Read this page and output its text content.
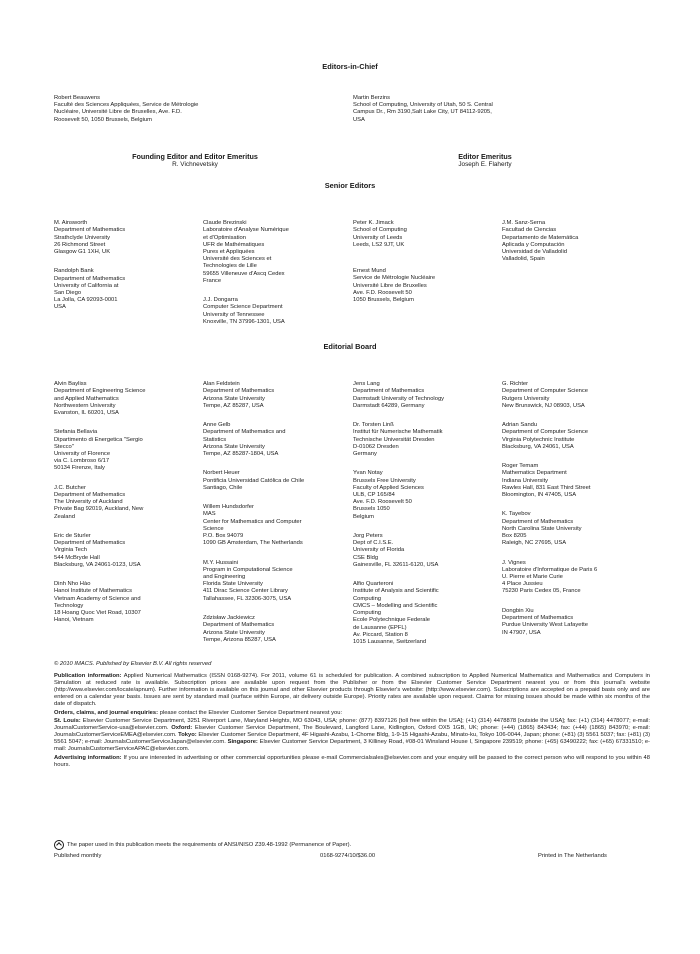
Editors-in-Chief
Robert Beauwens
Faculté des Sciences Appliquées, Service de Métrologie
Nucléaire, Université Libre de Bruxelles, Ave. F.D.
Roosevelt 50, 1050 Brussels, Belgium
Martin Berzins
School of Computing, University of Utah, 50 S. Central
Campus Dr., Rm 3190,Salt Lake City, UT 84112-9205,
USA
Founding Editor and Editor Emeritus
R. Vichnevetsky
Editor Emeritus
Joseph E. Flaherty
Senior Editors

M. Ainsworth
Department of Mathematics
Strathclyde University
26 Richmond Street
Glasgow G1 1XH, UK

Randolph Bank
Department of Mathematics
University of California at
San Diego
La Jolla, CA 92093-0001
USA

Claude Brezinski
Laboratoire d'Analyse Numérique
et d'Optimisation
UFR de Mathématiques
Pures et Appliquées
Université des Sciences et
Technologies de Lille
59655 Villeneuve d'Ascq Cedex
France

J.J. Dongarra
Computer Science Department
University of Tennessee
Knoxville, TN 37996-1301, USA

Peter K. Jimack
School of Computing
University of Leeds
Leeds, LS2 9JT, UK

Ernest Mund
Service de Métrologie Nucléaire
Université Libre de Bruxelles
Ave. F.D. Roosevelt 50
1050 Brussels, Belgium

J.M. Sanz-Serna
Facultad de Ciencias
Departamento de Matemática
Aplicada y Computación
Universidad de Valladolid
Valladolid, Spain

Editorial Board

Alvin Bayliss
Department of Engineering Science
and Applied Mathematics
Northwestern University
Evanston, IL 60201, USA

Stefania Bellavia
Dipartimento di Energetica "Sergio
Stecco"
University of Florence
via C. Lombroso 6/17
50134 Firenze, Italy

J.C. Butcher
Department of Mathematics
The University of Auckland
Private Bag 92019, Auckland, New
Zealand

Eric de Sturler
Department of Mathematics
Virginia Tech
544 McBryde Hall
Blacksburg, VA 24061-0123, USA

Dinh Nho Hào
Hanoi Institute of Mathematics
Vietnam Academy of Science and
Technology
18 Hoang Quoc Viet Road, 10307
Hanoi, Vietnam

Alan Feldstein
Department of Mathematics
Arizona State University
Tempe, AZ 85287, USA

Anne Gelb
Department of Mathematics and
Statistics
Arizona State University
Tempe, AZ 85287-1804, USA

Norbert Heuer
Pontificia Universidad Católica de Chile
Santiago, Chile

Willem Hundsdorfer
MAS
Center for Mathematics and Computer
Science
P.O. Box 94079
1090 GB Amsterdam, The Netherlands

M.Y. Hussaini
Program in Computational Science
and Engineering
Florida State University
411 Dirac Science Center Library
Tallahassee, FL 32306-3075, USA

Zdzisław Jackiewicz
Department of Mathematics
Arizona State University
Tempe, Arizona 85287, USA

Jens Lang
Department of Mathematics
Darmstadt University of Technology
Darmstadt 64289, Germany

Dr. Torsten Linß
Institut für Numerische Mathematik
Technische Universität Dresden
D-01062 Dresden
Germany

Yvan Notay
Brussels Free University
Faculty of Applied Sciences
ULB, CP 165/84
Ave. F.D. Roosevelt 50
Brussels 1050
Belgium

Jorg Peters
Dept of C.I.S.E.
University of Florida
CSE Bldg
Gainesville, FL 32611-6120, USA

Alfio Quarteroni
Institute of Analysis and Scientific
Computing
CMCS – Modelling and Scientific
Computing
Ecole Polytechnique Federale
de Lausanne (EPFL)
Av. Piccard, Station 8
1015 Lausanne, Switzerland

G. Richter
Department of Computer Science
Rutgers University
New Brunswick, NJ 08903, USA

Adrian Sandu
Department of Computer Science
Virginia Polytechnic Institute
Blacksburg, VA 24061, USA

Roger Temam
Mathematics Department
Indiana University
Rawles Hall, 831 East Third Street
Bloomington, IN 47405, USA

K. Tayebov
Department of Mathematics
North Carolina State University
Box 8205
Raleigh, NC 27695, USA

J. Vignes
Laboratoire d'Informatique de Paris 6
U. Pierre et Marie Curie
4 Place Jussieu
75230 Paris Cedex 05, France

Dongbin Xiu
Department of Mathematics
Purdue University West Lafayette
IN 47907, USA

© 2010 IMACS. Published by Elsevier B.V. All rights reserved

Publication information: Applied Numerical Mathematics (ISSN 0168-9274). For 2011, volume 61 is scheduled for publication. A combined subscription to Applied Numerical Mathematics and Mathematics and Computers in Simulation at reduced rate is available. Subscription prices are available upon request from the Publisher or from the Elsevier Customer Service Department nearest you or from this journal's website (http://www.elsevier.com/locate/apnum). Further information is available on this journal and other Elsevier products through Elsevier's website: (http://www.elsevier.com). Subscriptions are accepted on a prepaid basis only and are entered on a calendar year basis. Issues are sent by standard mail (surface within Europe, air delivery outside Europe). Priority rates are available upon request. Claims for missing issues should be made within six months of the date of dispatch.

Orders, claims, and journal enquiries: please contact the Elsevier Customer Service Department nearest you:
St. Louis: Elsevier Customer Service Department, 3251 Riverport Lane, Maryland Heights, MO 63043, USA; phone: (877) 8397126 [toll free within the USA]; (+1) (314) 4478878 [outside the USA]; fax: (+1) (314) 4478077; e-mail: JournalCustomerService-usa@elsevier.com. Oxford: Elsevier Customer Service Department, The Boulevard, Langford Lane, Kidlington, Oxford OX5 1GB, UK; phone: (+44) (1865) 843434; fax: (+44) (1865) 843970; e-mail: JournalsCustomerServiceEMEA@elsevier.com. Tokyo: Elsevier Customer Service Department, 4F Higashi-Azabu, 1-Chome Bldg, 1-9-15 Higashi-Azabu, Minato-ku, Tokyo 106-0044, Japan; phone: (+81) (3) 5561 5037; fax: (+81) (3) 5561 5047; e-mail: JournalsCustomerServiceJapan@elsevier.com. Singapore: Elsevier Customer Service Department, 3 Killiney Road, #08-01 Winsland House I, Singapore 239519; phone: (+65) 63490222; fax: (+65) 67331510; e-mail: JournalsCustomerServiceAPAC@elsevier.com.

Advertising information: If you are interested in advertising or other commercial opportunities please e-mail Commercialsales@elsevier.com and your enquiry will be passed to the correct person who will respond to you within 48 hours.

The paper used in this publication meets the requirements of ANSI/NISO Z39.48-1992 (Permanence of Paper).
Published monthly	0168-9274/10/$36.00	Printed in The Netherlands
